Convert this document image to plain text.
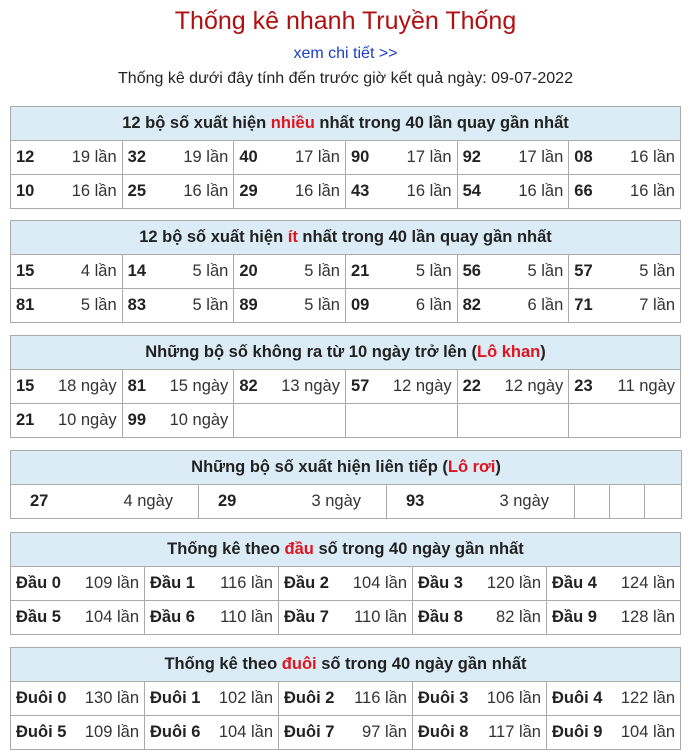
Thống kê nhanh Truyền Thống
xem chi tiết >>
Thống kê dưới đây tính đến trước giờ kết quả ngày: 09-07-2022
12 bộ số xuất hiện nhiều nhất trong 40 lần quay gần nhất					

12 19 lần	32 19 lần	40 17 lần	90 17 lần	92 17 lần	08 16 lần

10 16 lần	25 16 lần	29 16 lần	43 16 lần	54 16 lần	66 16 lần
12 bộ số xuất hiện ít nhất trong 40 lần quay gần nhất					

15 4 lần	14 5 lần	20 5 lần	21 5 lần	56 5 lần	57 5 lần

81 5 lần	83 5 lần	89 5 lần	09 6 lần	82 6 lần	71 7 lần
Những bộ số không ra từ 10 ngày trở lên (Lô khan)					

15 18 ngày	81 15 ngày	82 13 ngày	57 12 ngày	22 12 ngày	23 11 ngày

21 10 ngày	99 10 ngày				

Những bộ số xuất hiện liên tiếp (Lô rơi)

27	4 ngày	29	3 ngày	93	3 ngày

Thống kê theo đầu số trong 40 ngày gần nhất				

Đầu 0 109 lần	Đầu 1 116 lần	Đầu 2 104 lần	Đầu 3 120 lần	Đầu 4 124 lần

Đầu 5 104 lần	Đầu 6 110 lần	Đầu 7 110 lần	Đầu 8 82 lần	Đầu 9 128 lần
Thống kê theo đuôi số trong 40 ngày gần nhất				

Đuôi 0 130 lần	Đuôi 1 102 lần	Đuôi 2 116 lần	Đuôi 3 106 lần	Đuôi 4 122 lần

Đuôi 5 109 lần	Đuôi 6 104 lần	Đuôi 7 97 lần	Đuôi 8 117 lần	Đuôi 9 104 lần
